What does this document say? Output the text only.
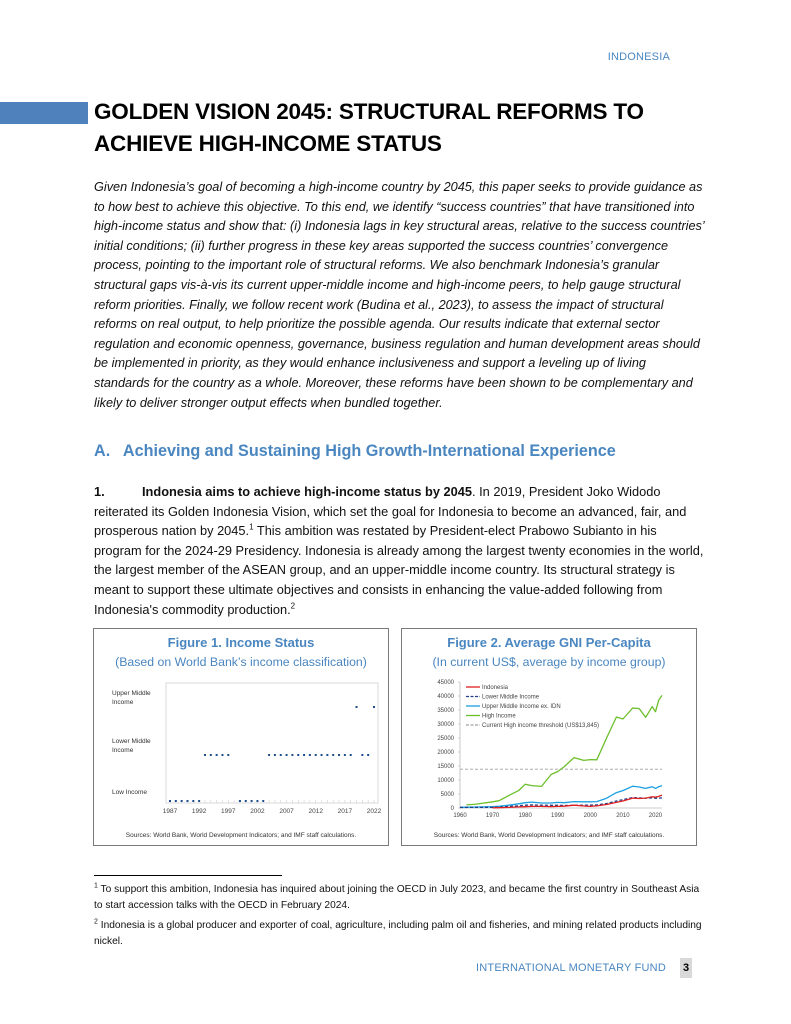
INDONESIA
GOLDEN VISION 2045: STRUCTURAL REFORMS TO ACHIEVE HIGH-INCOME STATUS

Given Indonesia’s goal of becoming a high-income country by 2045, this paper seeks to provide guidance as to how best to achieve this objective. To this end, we identify “success countries” that have transitioned into high-income status and show that: (i) Indonesia lags in key structural areas, relative to the success countries’ initial conditions; (ii) further progress in these key areas supported the success countries’ convergence process, pointing to the important role of structural reforms. We also benchmark Indonesia’s granular structural gaps vis-à-vis its current upper-middle income and high-income peers, to help gauge structural reform priorities. Finally, we follow recent work (Budina et al., 2023), to assess the impact of structural reforms on real output, to help prioritize the possible agenda. Our results indicate that external sector regulation and economic openness, governance, business regulation and human development areas should be implemented in priority, as they would enhance inclusiveness and support a leveling up of living standards for the country as a whole. Moreover, these reforms have been shown to be complementary and likely to deliver stronger output effects when bundled together.

A. Achieving and Sustaining High Growth-International Experience

1.	Indonesia aims to achieve high-income status by 2045. In 2019, President Joko Widodo reiterated its Golden Indonesia Vision, which set the goal for Indonesia to become an advanced, fair, and prosperous nation by 2045.$^1$ This ambition was restated by President-elect Prabowo Subianto in his program for the 2024-29 Presidency. Indonesia is already among the largest twenty economies in the world, the largest member of the ASEAN group, and an upper-middle income country. Its structural strategy is meant to support these ultimate objectives and consists in enhancing the value-added following from Indonesia's commodity production.$^2$

Figure 1. Income Status
(Based on World Bank’s income classification)
Low Income
Lower Middle
Income
Upper Middle
Income
1987 1992 1997 2002 2007 2012 2017 2022
Sources: World Bank, World Development Indicators; and IMF staff calculations.
Figure 2. Average GNI Per-Capita
(In current US$, average by income group)
0
5000
10000
15000
20000
25000
30000
35000
40000
45000
1960	1970	1980	1990	2000	2010	2020
Indonesia
Lower Middle Income
Upper Middle Income ex. IDN
High Income
Current High income threshold (US$13,845)
Sources: World Bank, World Development Indicators; and IMF staff calculations.

$^1$ To support this ambition, Indonesia has inquired about joining the OECD in July 2023, and became the first country in Southeast Asia to start accession talks with the OECD in February 2024.

$^2$ Indonesia is a global producer and exporter of coal, agriculture, including palm oil and fisheries, and mining related products including nickel.

INTERNATIONAL MONETARY FUND 3
